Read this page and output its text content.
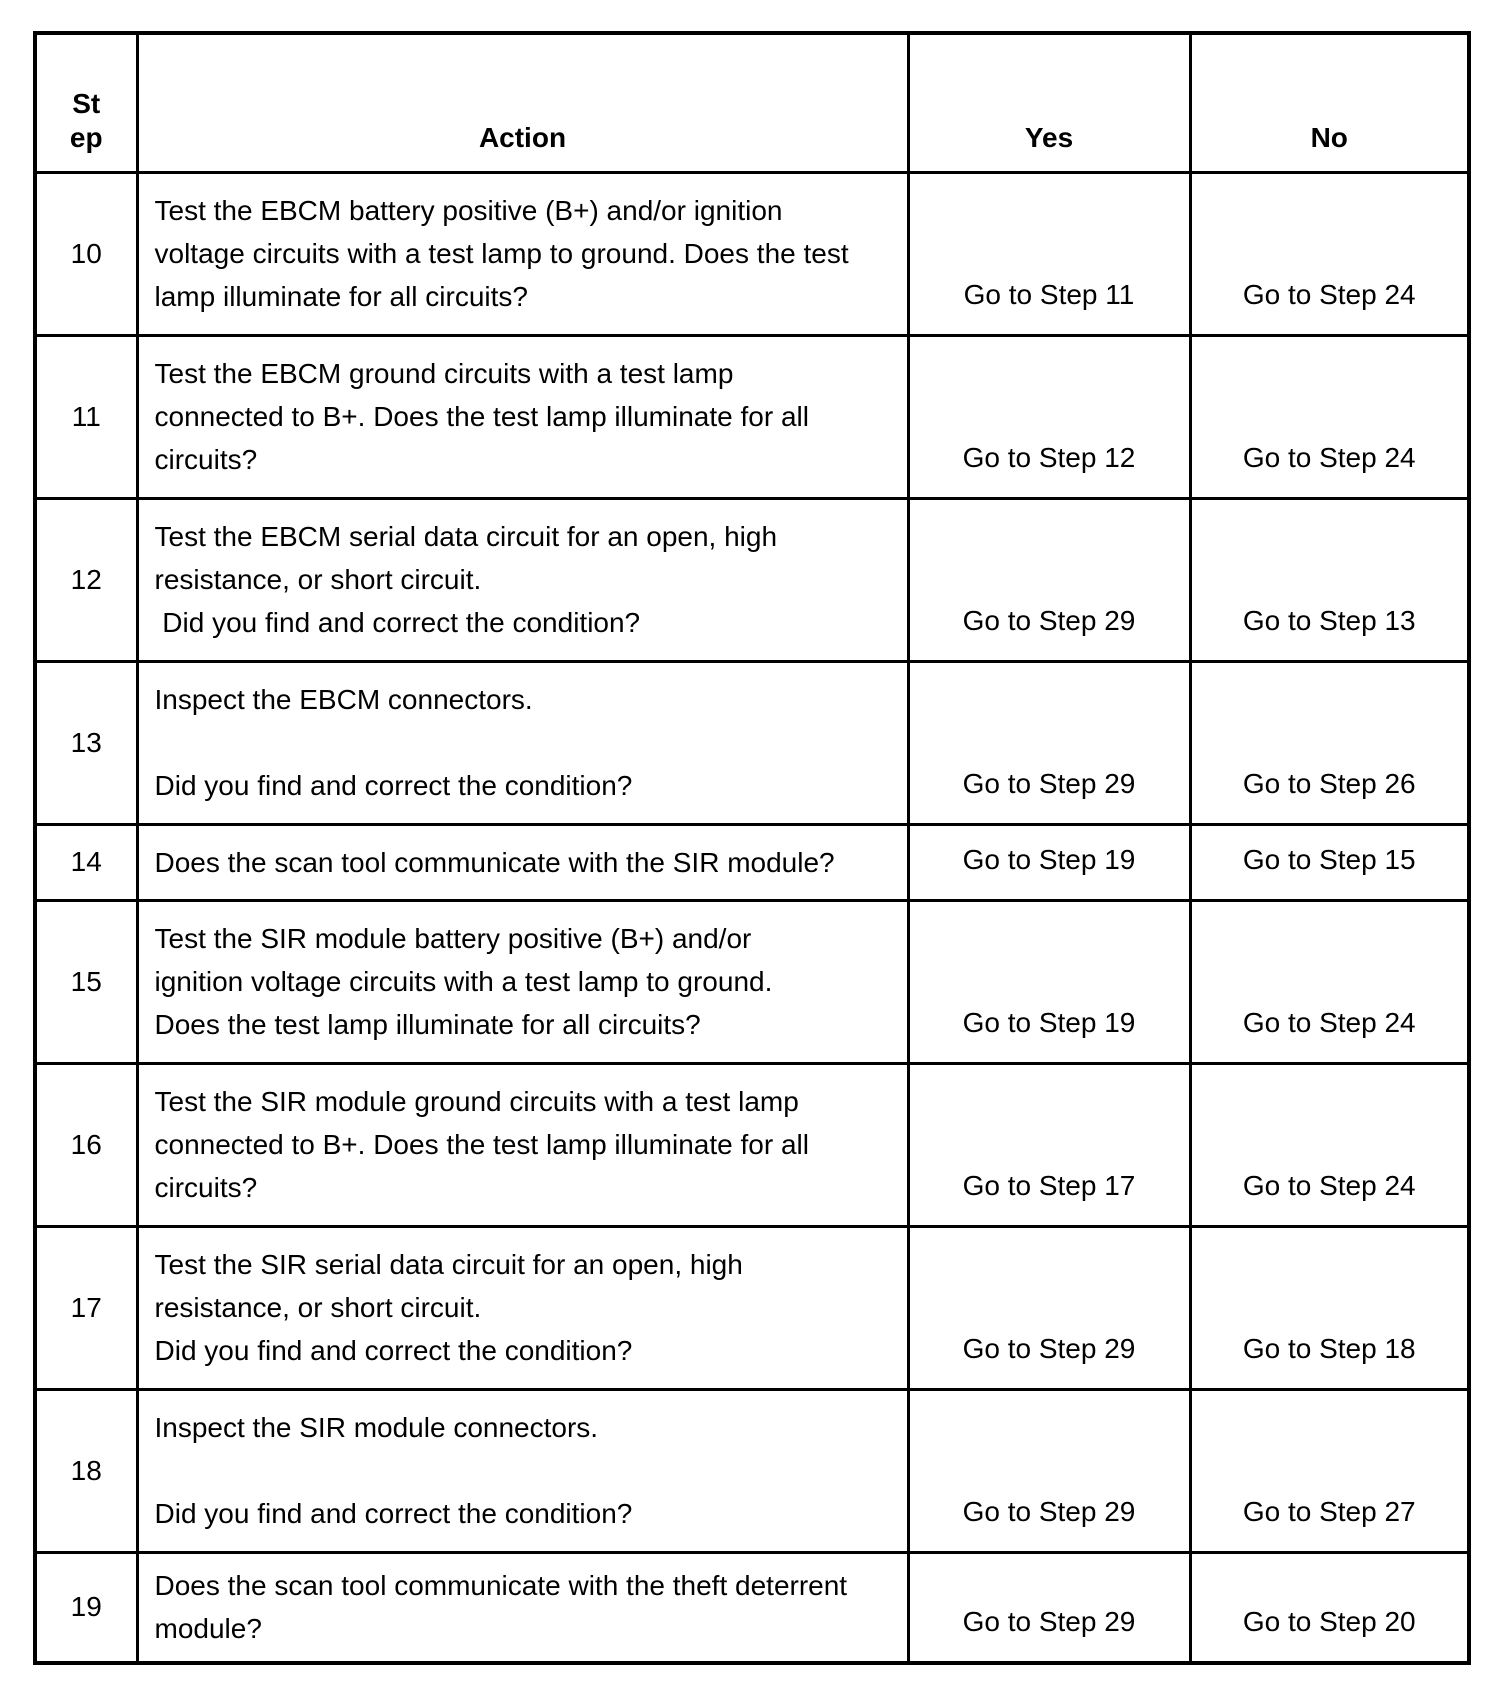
St
ep	Action	Yes	No
10	Test the EBCM battery positive (B+) and/or ignition
voltage circuits with a test lamp to ground. Does the test
lamp illuminate for all circuits?	Go to Step 11	Go to Step 24
11	Test the EBCM ground circuits with a test lamp
connected to B+. Does the test lamp illuminate for all
circuits?	Go to Step 12	Go to Step 24
12	Test the EBCM serial data circuit for an open, high
resistance, or short circuit.
Did you find and correct the condition?	Go to Step 29	Go to Step 13
13	Inspect the EBCM connectors.
Did you find and correct the condition?	Go to Step 29	Go to Step 26
14	Does the scan tool communicate with the SIR module?	Go to Step 19	Go to Step 15
15	Test the SIR module battery positive (B+) and/or
ignition voltage circuits with a test lamp to ground.
Does the test lamp illuminate for all circuits?	Go to Step 19	Go to Step 24
16	Test the SIR module ground circuits with a test lamp
connected to B+. Does the test lamp illuminate for all
circuits?	Go to Step 17	Go to Step 24
17	Test the SIR serial data circuit for an open, high
resistance, or short circuit.
Did you find and correct the condition?	Go to Step 29	Go to Step 18
18	Inspect the SIR module connectors.
Did you find and correct the condition?	Go to Step 29	Go to Step 27
19	Does the scan tool communicate with the theft deterrent
module?	Go to Step 29	Go to Step 20
